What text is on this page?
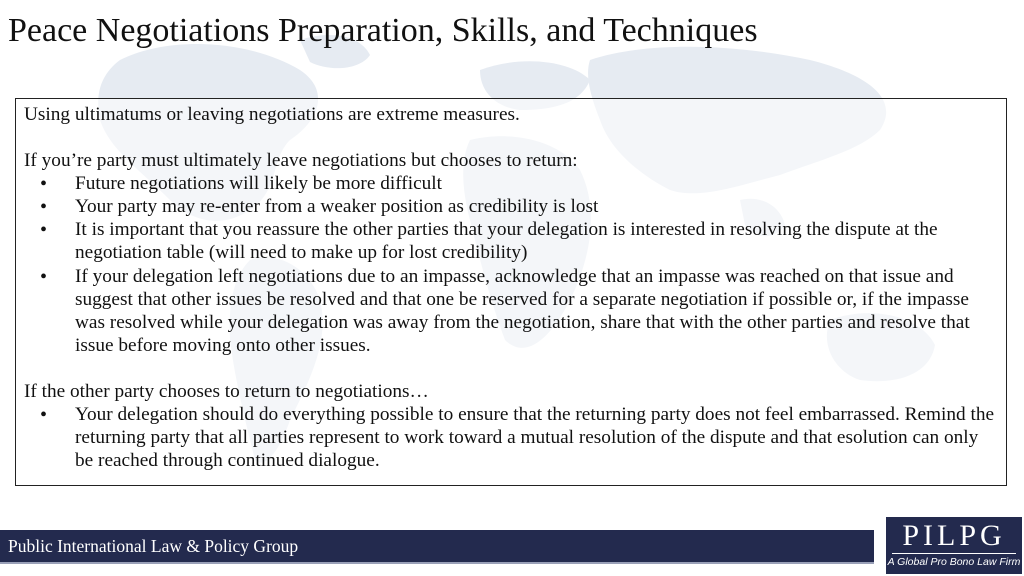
Peace Negotiations Preparation, Skills, and Techniques

Using ultimatums or leaving negotiations are extreme measures.

If you’re party must ultimately leave negotiations but chooses to return:

• Future negotiations will likely be more difficult
• Your party may re-enter from a weaker position as credibility is lost
• It is important that you reassure the other parties that your delegation is interested in resolving the dispute at the negotiation table (will need to make up for lost credibility)
• If your delegation left negotiations due to an impasse, acknowledge that an impasse was reached on that issue and suggest that other issues be resolved and that one be reserved for a separate negotiation if possible or, if the impasse was resolved while your delegation was away from the negotiation, share that with the other parties and resolve that issue before moving onto other issues.

If the other party chooses to return to negotiations…

• Your delegation should do everything possible to ensure that the returning party does not feel embarrassed. Remind the returning party that all parties represent to work toward a mutual resolution of the dispute and that esolution can only be reached through continued dialogue.
Public International Law & Policy Group	PILPG
A Global Pro Bono Law Firm
